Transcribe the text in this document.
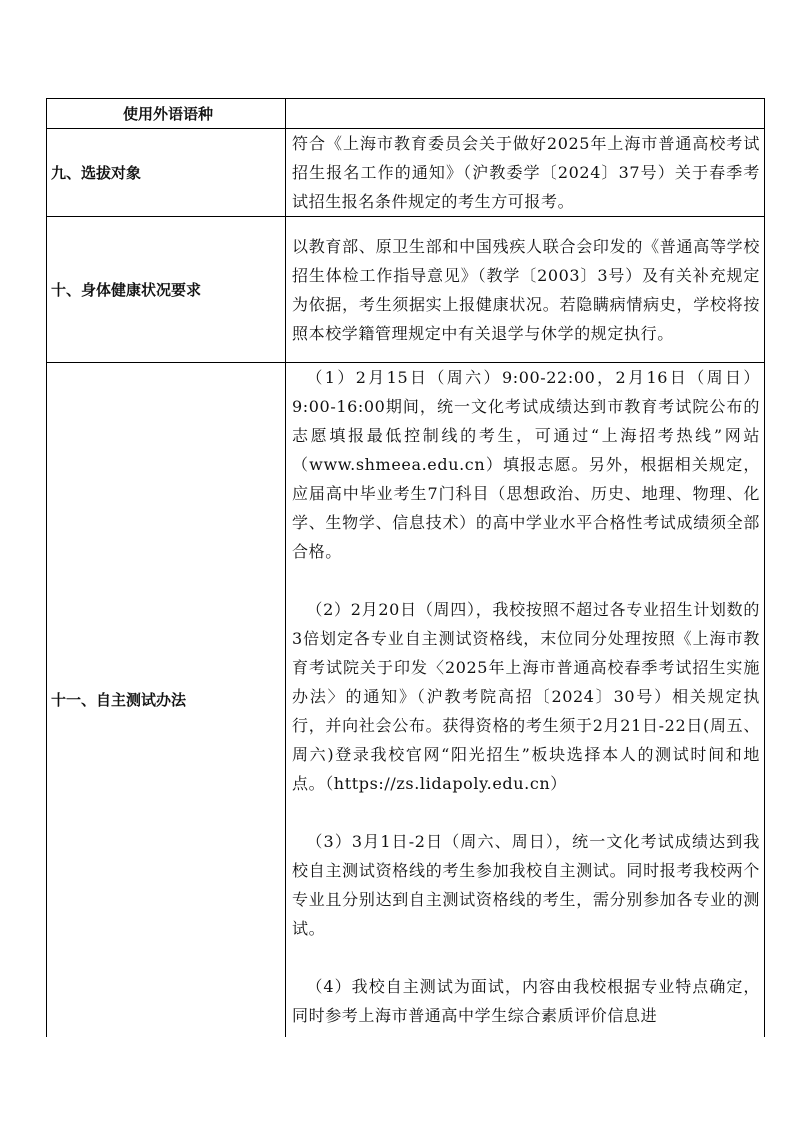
使用外语语种	
九、选拔对象	符合《上海市教育委员会关于做好2025年上海市普通高校考试招生报名工作的通知》（沪教委学〔2024〕37号）关于春季考试招生报名条件规定的考生方可报考。

十、身体健康状况要求	以教育部、原卫生部和中国残疾人联合会印发的《普通高等学校招生体检工作指导意见》（教学〔2003〕3号）及有关补充规定为依据，考生须据实上报健康状况。若隐瞒病情病史，学校将按照本校学籍管理规定中有关退学与休学的规定执行。

十一、自主测试办法	（1）2月15日（周六）9:00-22:00，2月16日（周日）9:00-16:00期间，统一文化考试成绩达到市教育考试院公布的志愿填报最低控制线的考生，可通过“上海招考热线”网站（www.shmeea.edu.cn）填报志愿。另外，根据相关规定，应届高中毕业考生7门科目（思想政治、历史、地理、物理、化学、生物学、信息技术）的高中学业水平合格性考试成绩须全部合格。

（2）2月20日（周四），我校按照不超过各专业招生计划数的3倍划定各专业自主测试资格线，末位同分处理按照《上海市教育考试院关于印发〈2025年上海市普通高校春季考试招生实施办法〉的通知》（沪教考院高招〔2024〕30号）相关规定执行，并向社会公布。获得资格的考生须于2月21日-22日(周五、周六)登录我校官网“阳光招生”板块选择本人的测试时间和地点。（https://zs.lidapoly.edu.cn）

（3）3月1日-2日（周六、周日），统一文化考试成绩达到我校自主测试资格线的考生参加我校自主测试。同时报考我校两个专业且分别达到自主测试资格线的考生，需分别参加各专业的测试。

（4）我校自主测试为面试，内容由我校根据专业特点确定，同时参考上海市普通高中学生综合素质评价信息进
